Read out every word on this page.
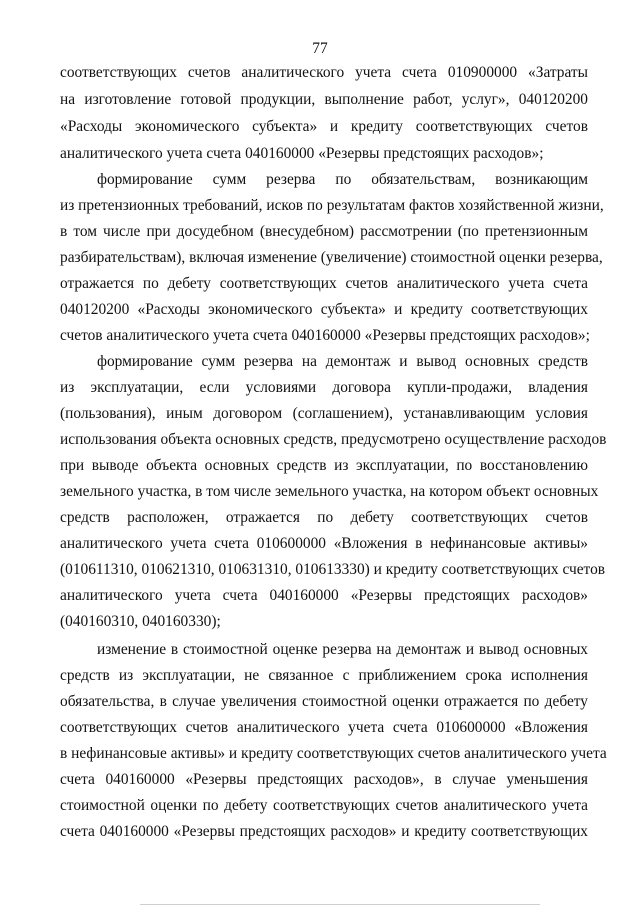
77
соответствующих счетов аналитического учета счета 010900000 «Затраты
на изготовление готовой продукции, выполнение работ, услуг», 040120200
«Расходы экономического субъекта» и кредиту соответствующих счетов
аналитического учета счета 040160000 «Резервы предстоящих расходов»;
формирование сумм резерва по обязательствам, возникающим
из претензионных требований, исков по результатам фактов хозяйственной жизни,
в том числе при досудебном (внесудебном) рассмотрении (по претензионным
разбирательствам), включая изменение (увеличение) стоимостной оценки резерва,
отражается по дебету соответствующих счетов аналитического учета счета
040120200 «Расходы экономического субъекта» и кредиту соответствующих
счетов аналитического учета счета 040160000 «Резервы предстоящих расходов»;
формирование сумм резерва на демонтаж и вывод основных средств
из эксплуатации, если условиями договора купли-продажи, владения
(пользования), иным договором (соглашением), устанавливающим условия
использования объекта основных средств, предусмотрено осуществление расходов
при выводе объекта основных средств из эксплуатации, по восстановлению
земельного участка, в том числе земельного участка, на котором объект основных
средств расположен, отражается по дебету соответствующих счетов
аналитического учета счета 010600000 «Вложения в нефинансовые активы»
(010611310, 010621310, 010631310, 010613330) и кредиту соответствующих счетов
аналитического учета счета 040160000 «Резервы предстоящих расходов»
(040160310, 040160330);
изменение в стоимостной оценке резерва на демонтаж и вывод основных
средств из эксплуатации, не связанное с приближением срока исполнения
обязательства, в случае увеличения стоимостной оценки отражается по дебету
соответствующих счетов аналитического учета счета 010600000 «Вложения
в нефинансовые активы» и кредиту соответствующих счетов аналитического учета
счета 040160000 «Резервы предстоящих расходов», в случае уменьшения
стоимостной оценки по дебету соответствующих счетов аналитического учета
счета 040160000 «Резервы предстоящих расходов» и кредиту соответствующих
